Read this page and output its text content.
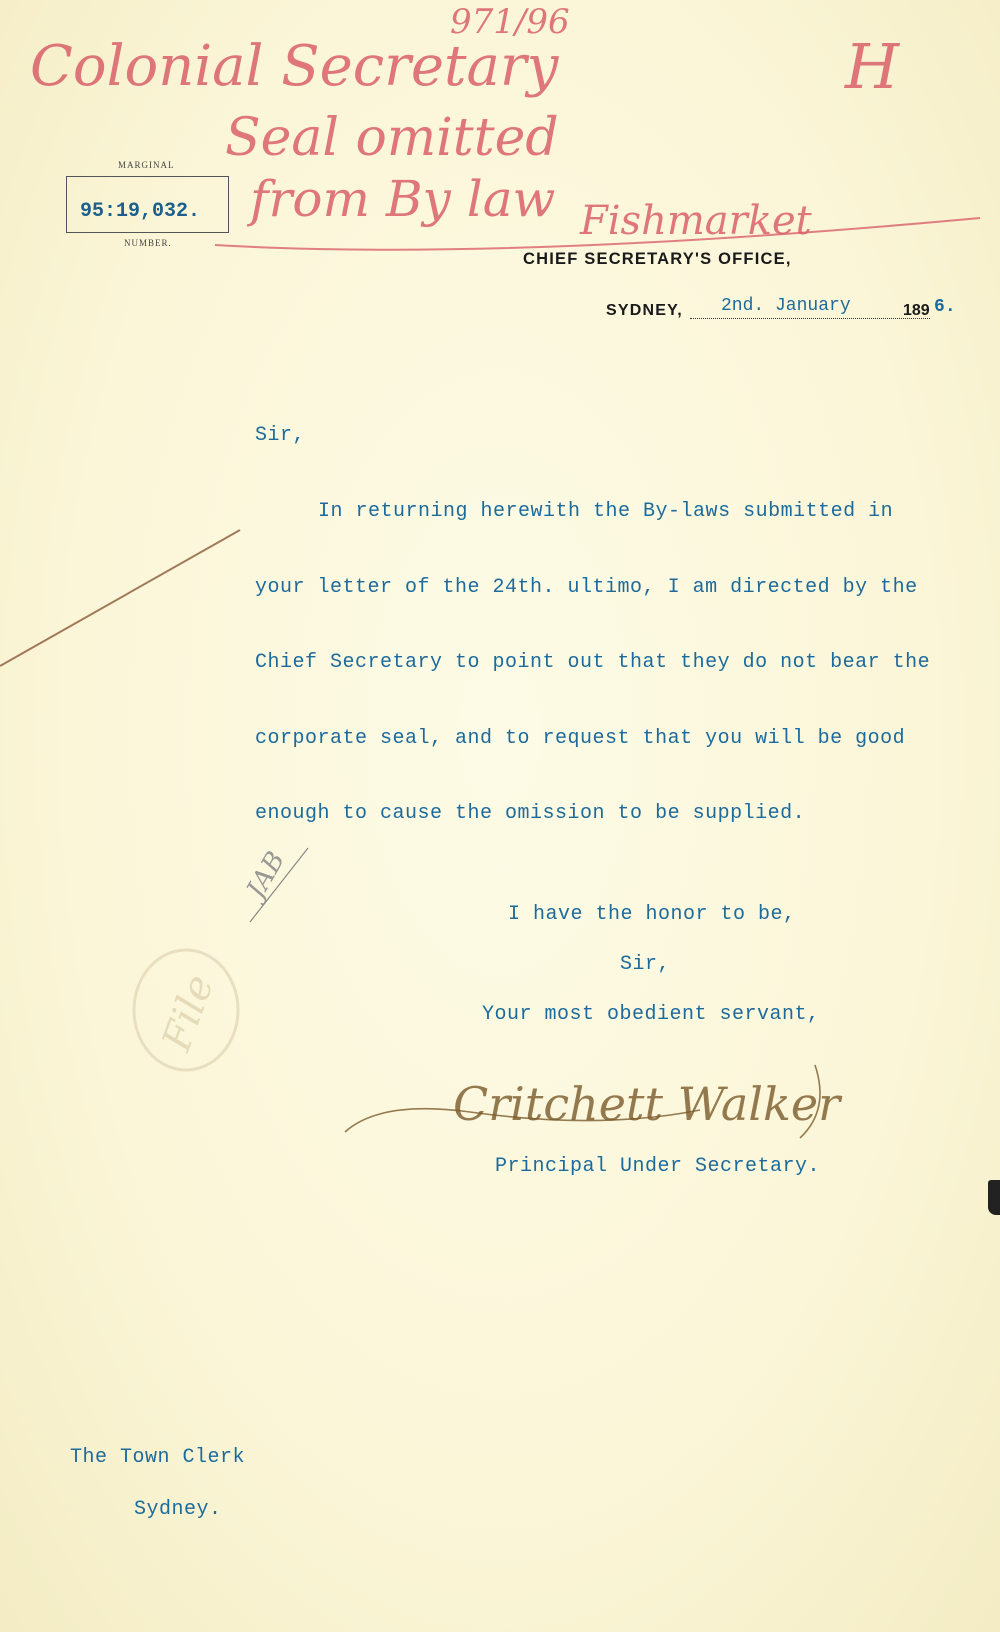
971/96
Colonial Secretary	H
Seal omitted
from By law Fishmarket
JAB
File
MARGINAL
95:19,032.
NUMBER.
CHIEF SECRETARY'S OFFICE,
SYDNEY, 2nd. January	189 6.
Sir,
In returning herewith the By-laws submitted in
your letter of the 24th. ultimo, I am directed by the
Chief Secretary to point out that they do not bear the
corporate seal, and to request that you will be good
enough to cause the omission to be supplied.
I have the honor to be,
Sir,
Your most obedient servant,
Critchett Walker
Principal Under Secretary.
The Town Clerk
Sydney.
